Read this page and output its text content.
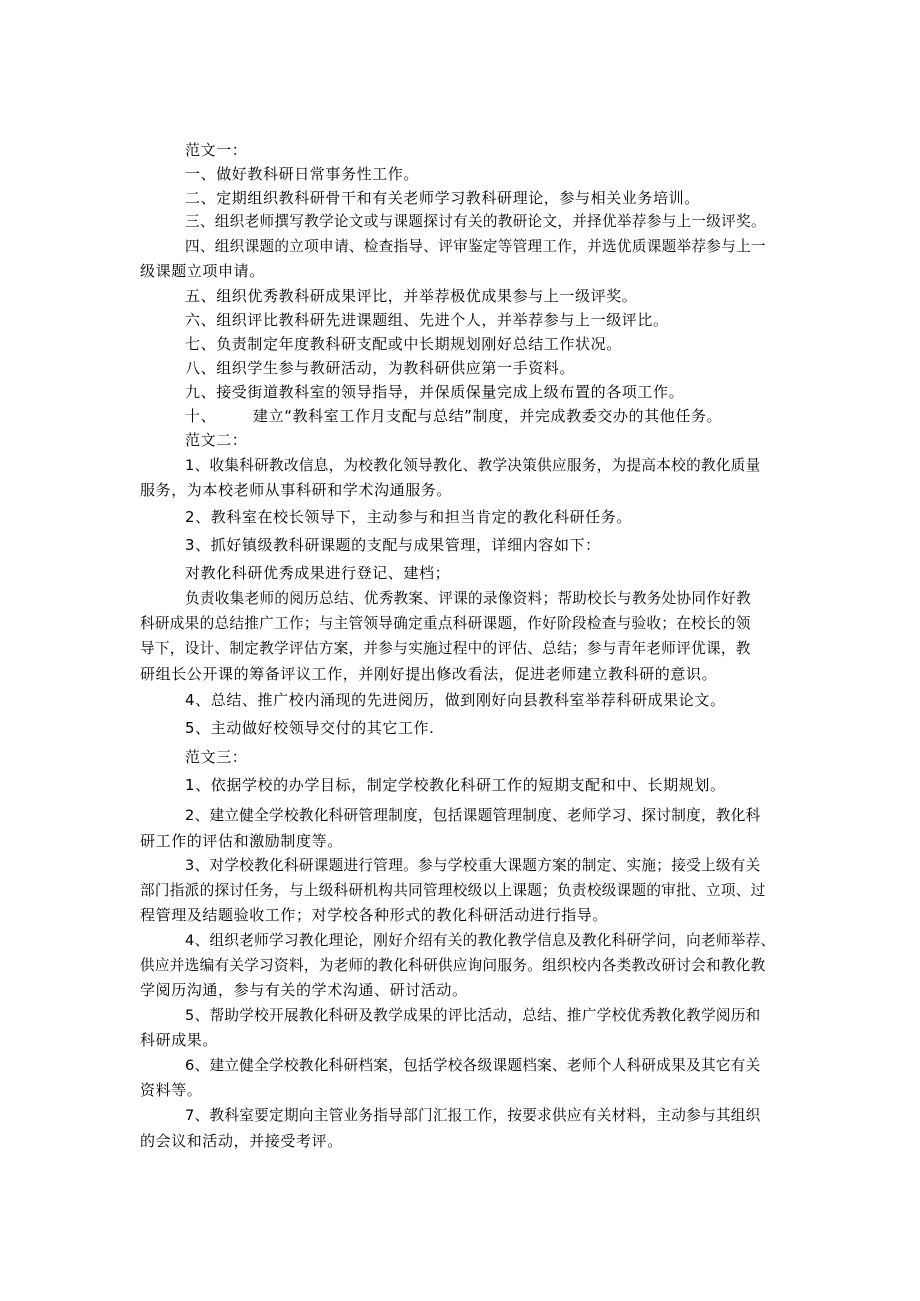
范文一：
一、做好教科研日常事务性工作。
二、定期组织教科研骨干和有关老师学习教科研理论，参与相关业务培训。
三、组织老师撰写教学论文或与课题探讨有关的教研论文，并择优举荐参与上一级评奖。
四、组织课题的立项申请、检查指导、评审鉴定等管理工作，并选优质课题举荐参与上一
级课题立项申请。
五、组织优秀教科研成果评比，并举荐极优成果参与上一级评奖。
六、组织评比教科研先进课题组、先进个人，并举荐参与上一级评比。
七、负责制定年度教科研支配或中长期规划刚好总结工作状况。
八、组织学生参与教研活动，为教科研供应第一手资料。
九、接受街道教科室的领导指导，并保质保量完成上级布置的各项工作。
十、 建立“教科室工作月支配与总结”制度，并完成教委交办的其他任务。
范文二：
1、收集科研教改信息，为校教化领导教化、教学决策供应服务，为提高本校的教化质量
服务，为本校老师从事科研和学术沟通服务。
2、教科室在校长领导下，主动参与和担当肯定的教化科研任务。
3、抓好镇级教科研课题的支配与成果管理，详细内容如下：
对教化科研优秀成果进行登记、建档；
负责收集老师的阅历总结、优秀教案、评课的录像资料；帮助校长与教务处协同作好教
科研成果的总结推广工作；与主管领导确定重点科研课题，作好阶段检查与验收；在校长的领
导下，设计、制定教学评估方案，并参与实施过程中的评估、总结；参与青年老师评优课，教
研组长公开课的筹备评议工作，并刚好提出修改看法，促进老师建立教科研的意识。
4、总结、推广校内涌现的先进阅历，做到刚好向县教科室举荐科研成果论文。
5、主动做好校领导交付的其它工作.
范文三：
1、依据学校的办学目标，制定学校教化科研工作的短期支配和中、长期规划。
2、建立健全学校教化科研管理制度，包括课题管理制度、老师学习、探讨制度，教化科
研工作的评估和激励制度等。
3、对学校教化科研课题进行管理。参与学校重大课题方案的制定、实施；接受上级有关
部门指派的探讨任务，与上级科研机构共同管理校级以上课题；负责校级课题的审批、立项、过
程管理及结题验收工作；对学校各种形式的教化科研活动进行指导。
4、组织老师学习教化理论，刚好介绍有关的教化教学信息及教化科研学问，向老师举荐、
供应并选编有关学习资料，为老师的教化科研供应询问服务。组织校内各类教改研讨会和教化教
学阅历沟通，参与有关的学术沟通、研讨活动。
5、帮助学校开展教化科研及教学成果的评比活动，总结、推广学校优秀教化教学阅历和
科研成果。
6、建立健全学校教化科研档案，包括学校各级课题档案、老师个人科研成果及其它有关
资料等。
7、教科室要定期向主管业务指导部门汇报工作，按要求供应有关材料，主动参与其组织
的会议和活动，并接受考评。
